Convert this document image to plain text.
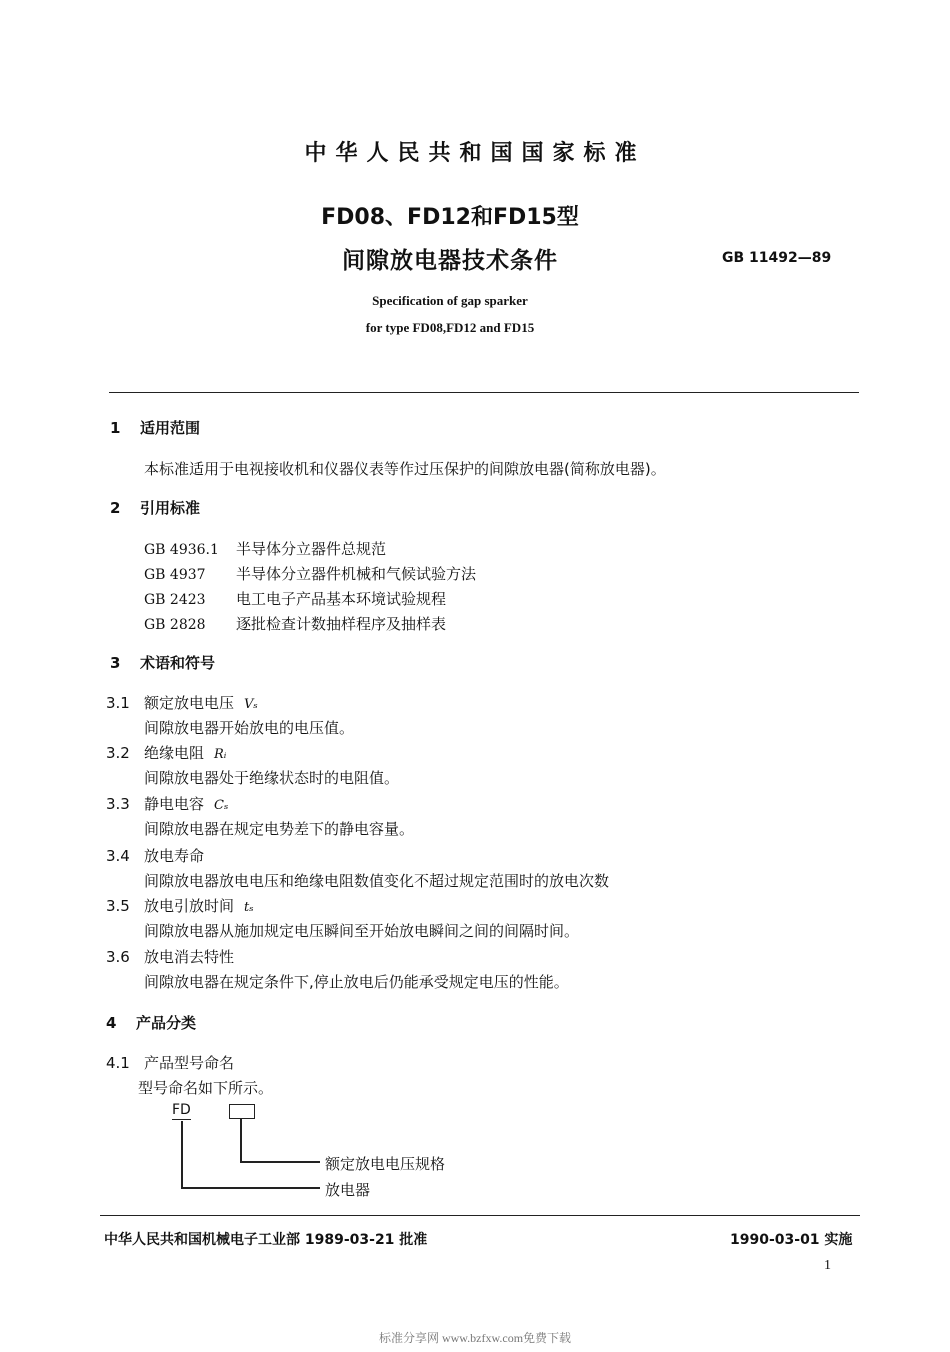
中华人民共和国国家标准
FD08、FD12和FD15型
间隙放电器技术条件	GB 11492—89
Specification of gap sparker
for type FD08,FD12 and FD15
1 适用范围
本标准适用于电视接收机和仪器仪表等作过压保护的间隙放电器(简称放电器)。
2 引用标准
GB 4936.1 半导体分立器件总规范
GB 4937 半导体分立器件机械和气候试验方法
GB 2423 电工电子产品基本环境试验规程
GB 2828 逐批检查计数抽样程序及抽样表
3 术语和符号
3.1 额定放电电压 Vₛ
间隙放电器开始放电的电压值。
3.2 绝缘电阻 Rᵢ
间隙放电器处于绝缘状态时的电阻值。
3.3 静电电容 Cₛ
间隙放电器在规定电势差下的静电容量。
3.4 放电寿命
间隙放电器放电电压和绝缘电阻数值变化不超过规定范围时的放电次数
3.5 放电引放时间 tₛ
间隙放电器从施加规定电压瞬间至开始放电瞬间之间的间隔时间。
3.6 放电消去特性
间隙放电器在规定条件下,停止放电后仍能承受规定电压的性能。
4 产品分类
4.1 产品型号命名
型号命名如下所示。
FD
额定放电电压规格
放电器
中华人民共和国机械电子工业部 1989-03-21 批准	1990-03-01 实施
1
标准分享网 www.bzfxw.com免费下载
